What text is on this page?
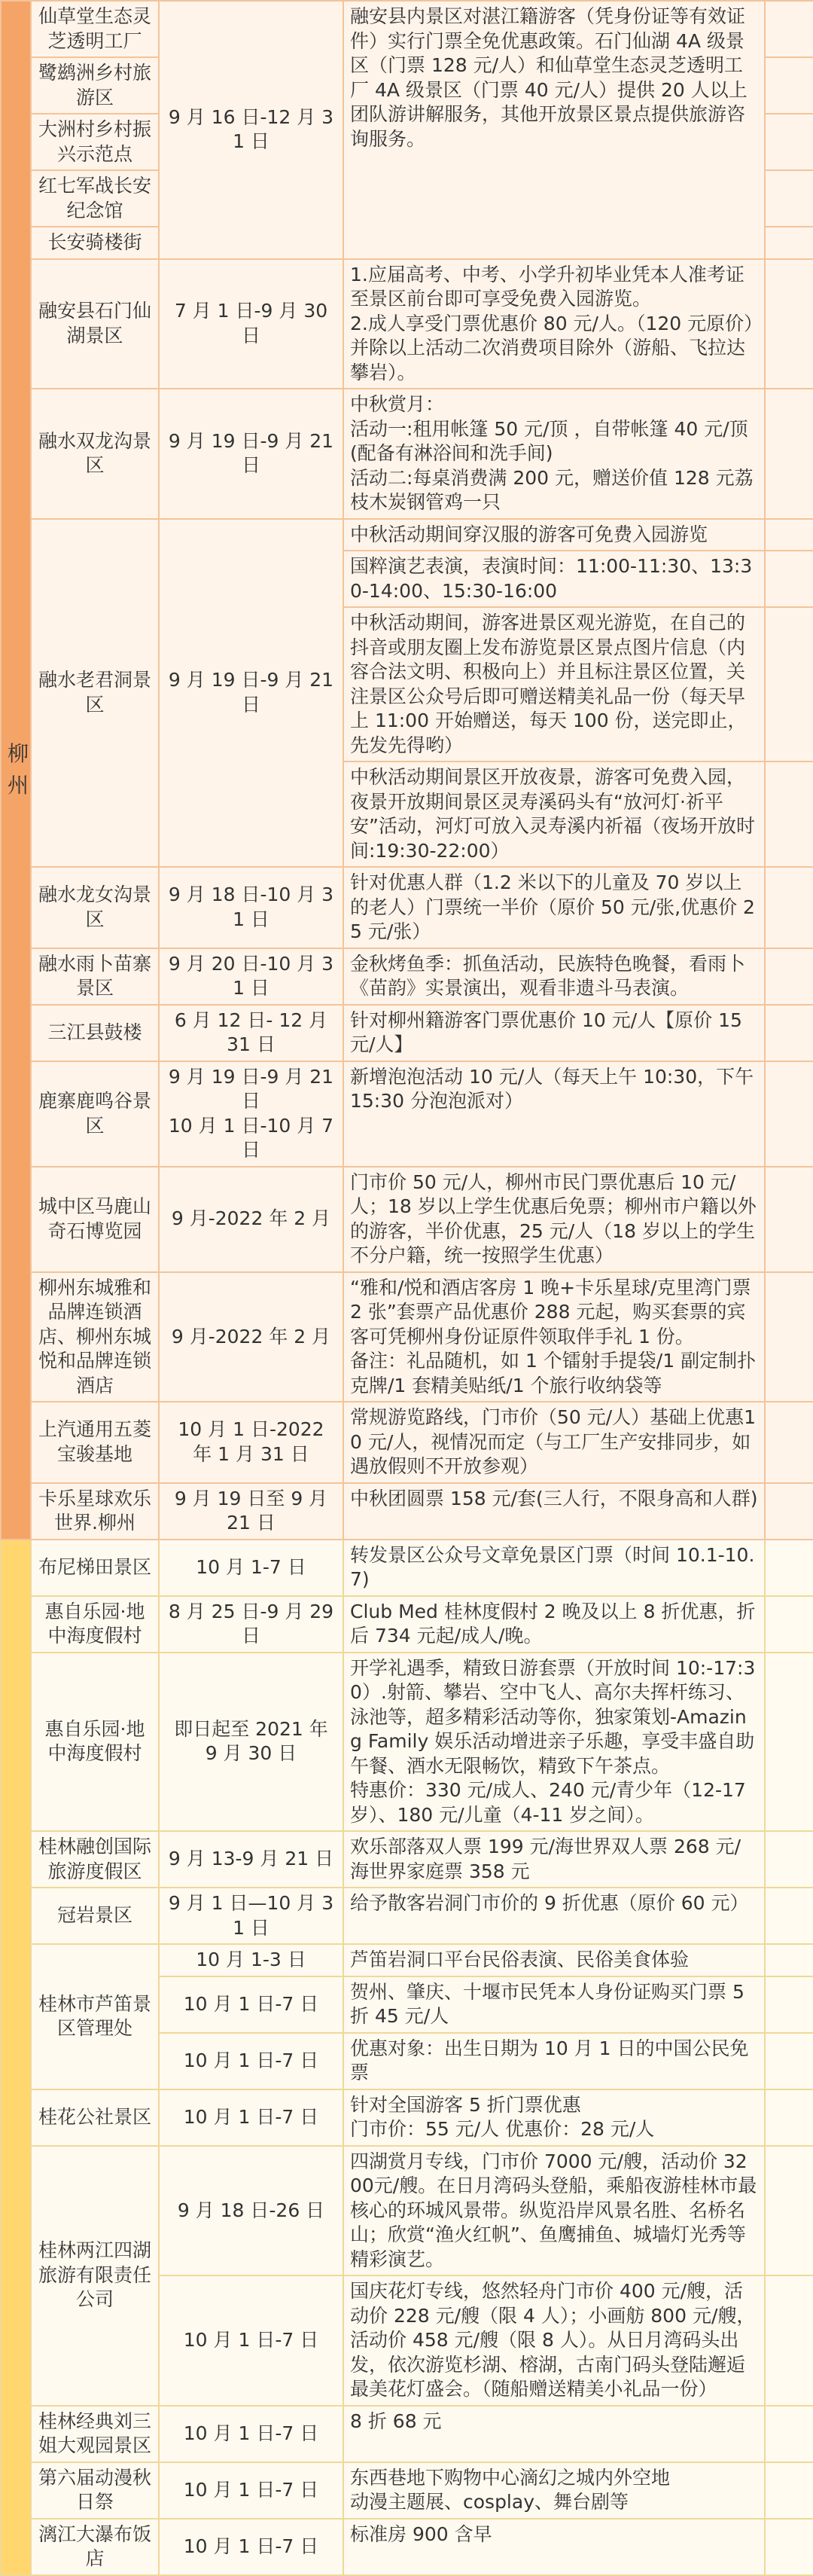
柳州	仙草堂生态灵芝透明工厂	9 月 16 日-12 月 31 日	融安县内景区对湛江籍游客（凭身份证等有效证件）实行门票全免优惠政策。石门仙湖 4A 级景区（门票 128 元/人）和仙草堂生态灵芝透明工厂 4A 级景区（门票 40 元/人）提供 20 人以上团队游讲解服务，其他开放景区景点提供旅游咨询服务。	
	鹭鹚洲乡村旅游区			
	大洲村乡村振兴示范点			
	红七军战长安纪念馆			
	长安骑楼街			
	融安县石门仙湖景区	7 月 1 日-9 月 30 日	1.应届高考、中考、小学升初毕业凭本人准考证至景区前台即可享受免费入园游览。
2.成人享受门票优惠价 80 元/人。（120 元原价）并除以上活动二次消费项目除外（游船、飞拉达攀岩）。	
	融水双龙沟景区	9 月 19 日-9 月 21 日	中秋赏月：
活动一:租用帐篷 50 元/顶 ，自带帐篷 40 元/顶(配备有淋浴间和洗手间)
活动二:每桌消费满 200 元，赠送价值 128 元荔枝木炭钢管鸡一只	
	融水老君洞景区	9 月 19 日-9 月 21 日	中秋活动期间穿汉服的游客可免费入园游览	
			国粹演艺表演，表演时间：11:00-11:30、13:30-14:00、15:30-16:00	
			中秋活动期间，游客进景区观光游览，在自己的抖音或朋友圈上发布游览景区景点图片信息（内容合法文明、积极向上）并且标注景区位置，关注景区公众号后即可赠送精美礼品一份（每天早上 11:00 开始赠送，每天 100 份，送完即止，先发先得哟）	
			中秋活动期间景区开放夜景，游客可免费入园，夜景开放期间景区灵寿溪码头有“放河灯·祈平安”活动，河灯可放入灵寿溪内祈福（夜场开放时间:19:30-22:00）	
	融水龙女沟景区	9 月 18 日-10 月 31 日	针对优惠人群（1.2 米以下的儿童及 70 岁以上的老人）门票统一半价（原价 50 元/张,优惠价 25 元/张）	
	融水雨卜苗寨景区	9 月 20 日-10 月 31 日	金秋烤鱼季：抓鱼活动，民族特色晚餐，看雨卜《苗韵》实景演出，观看非遗斗马表演。	
	三江县鼓楼	6 月 12 日- 12 月 31 日	针对柳州籍游客门票优惠价 10 元/人【原价 15 元/人】	
	鹿寨鹿鸣谷景区	9 月 19 日-9 月 21 日
10 月 1 日-10 月 7 日	新增泡泡活动 10 元/人（每天上午 10:30，下午 15:30 分泡泡派对）	
	城中区马鹿山奇石博览园	9 月-2022 年 2 月	门市价 50 元/人，柳州市民门票优惠后 10 元/人；18 岁以上学生优惠后免票；柳州市户籍以外的游客，半价优惠，25 元/人（18 岁以上的学生不分户籍，统一按照学生优惠）	
	柳州东城雅和品牌连锁酒店、柳州东城悦和品牌连锁酒店	9 月-2022 年 2 月	“雅和/悦和酒店客房 1 晚+卡乐星球/克里湾门票2 张”套票产品优惠价 288 元起，购买套票的宾客可凭柳州身份证原件领取伴手礼 1 份。
备注：礼品随机，如 1 个镭射手提袋/1 副定制扑克牌/1 套精美贴纸/1 个旅行收纳袋等	
	上汽通用五菱宝骏基地	10 月 1 日-2022 年 1 月 31 日	常规游览路线，门市价（50 元/人）基础上优惠10 元/人，视情况而定（与工厂生产安排同步，如遇放假则不开放参观）	
	卡乐星球欢乐世界.柳州	9 月 19 日至 9 月 21 日	中秋团圆票 158 元/套(三人行，不限身高和人群)	
	布尼梯田景区	10 月 1-7 日	转发景区公众号文章免景区门票（时间 10.1-10.7)	
	惠自乐园·地中海度假村	8 月 25 日-9 月 29 日	Club Med 桂林度假村 2 晚及以上 8 折优惠，折后 734 元起/成人/晚。	
	惠自乐园·地中海度假村	即日起至 2021 年 9 月 30 日	开学礼遇季，精致日游套票（开放时间 10:-17:30）.射箭、攀岩、空中飞人、高尔夫挥杆练习、泳池等，超多精彩活动等你，独家策划-Amazing Family 娱乐活动增进亲子乐趣，享受丰盛自助午餐、酒水无限畅饮，精致下午茶点。
特惠价：330 元/成人、240 元/青少年（12-17 岁）、180 元/儿童（4-11 岁之间）。	
	桂林融创国际旅游度假区	9 月 13-9 月 21 日	欢乐部落双人票 199 元/海世界双人票 268 元/海世界家庭票 358 元	
	冠岩景区	9 月 1 日—10 月 31 日	给予散客岩洞门市价的 9 折优惠（原价 60 元）	
	桂林市芦笛景区管理处	10 月 1-3 日	芦笛岩洞口平台民俗表演、民俗美食体验	
		10 月 1 日-7 日	贺州、肇庆、十堰市民凭本人身份证购买门票 5 折 45 元/人	
		10 月 1 日-7 日	优惠对象：出生日期为 10 月 1 日的中国公民免票	
	桂花公社景区	10 月 1 日-7 日	针对全国游客 5 折门票优惠
门市价：55 元/人 优惠价：28 元/人	
	桂林两江四湖旅游有限责任公司	9 月 18 日-26 日	四湖赏月专线，门市价 7000 元/艘，活动价 3200元/艘。在日月湾码头登船，乘船夜游桂林市最核心的环城风景带。纵览沿岸风景名胜、名桥名山；欣赏“渔火红帆”、鱼鹰捕鱼、城墙灯光秀等精彩演艺。	
		10 月 1 日-7 日	国庆花灯专线，悠然轻舟门市价 400 元/艘，活动价 228 元/艘（限 4 人）；小画舫 800 元/艘，活动价 458 元/艘（限 8 人）。从日月湾码头出发，依次游览杉湖、榕湖，古南门码头登陆邂逅最美花灯盛会。（随船赠送精美小礼品一份）	
	桂林经典刘三姐大观园景区	10 月 1 日-7 日	8 折 68 元	
	第六届动漫秋日祭	10 月 1 日-7 日	东西巷地下购物中心滴幻之城内外空地
动漫主题展、cosplay、舞台剧等	
	漓江大瀑布饭店	10 月 1 日-7 日	标准房 900 含早	
